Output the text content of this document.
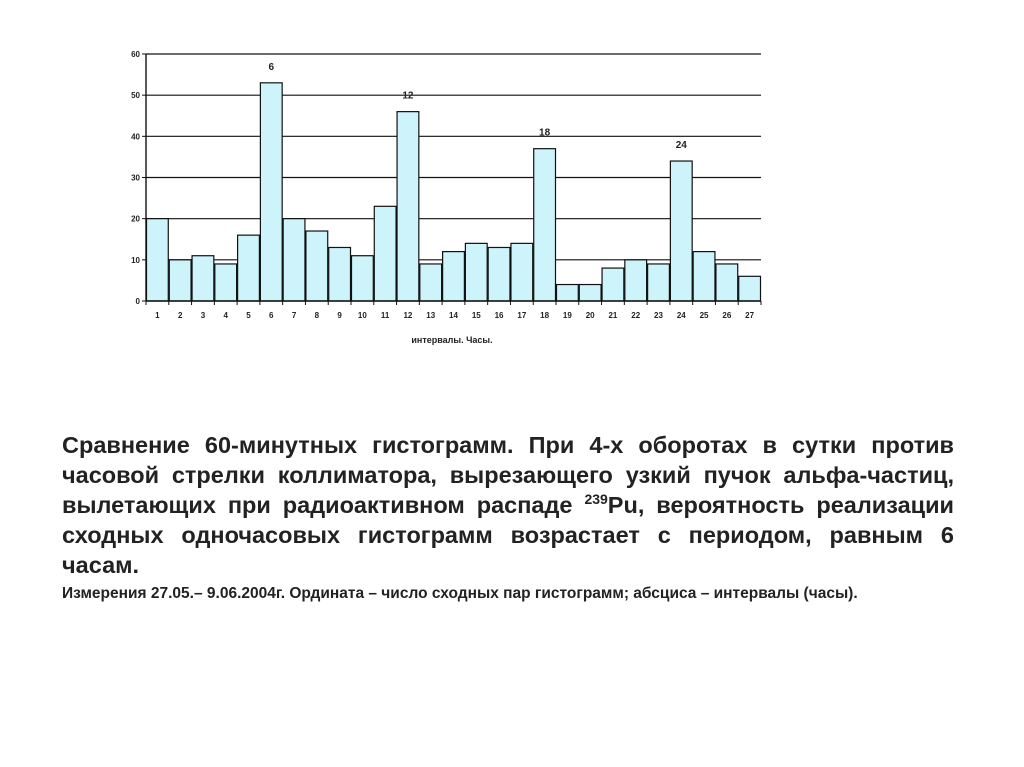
0
10
20
30
40
50
60
1 2 3 4 5 6 7 8 9 10 11 12 13 14 15 16 17 18 19 20 21 22 23 24 25 26 27
6
12
18
24
интервалы. Часы.

Сравнение 60-минутных гистограмм. При 4-х оборотах в сутки против часовой стрелки коллиматора, вырезающего узкий пучок альфа-частиц, вылетающих при радиоактивном распаде $^{239}$Pu, вероятность реализации сходных одночасовых гистограмм возрастает с периодом, равным 6 часам.

Измерения 27.05.– 9.06.2004г. Ордината – число сходных пар гистограмм; абсциса – интервалы (часы).
